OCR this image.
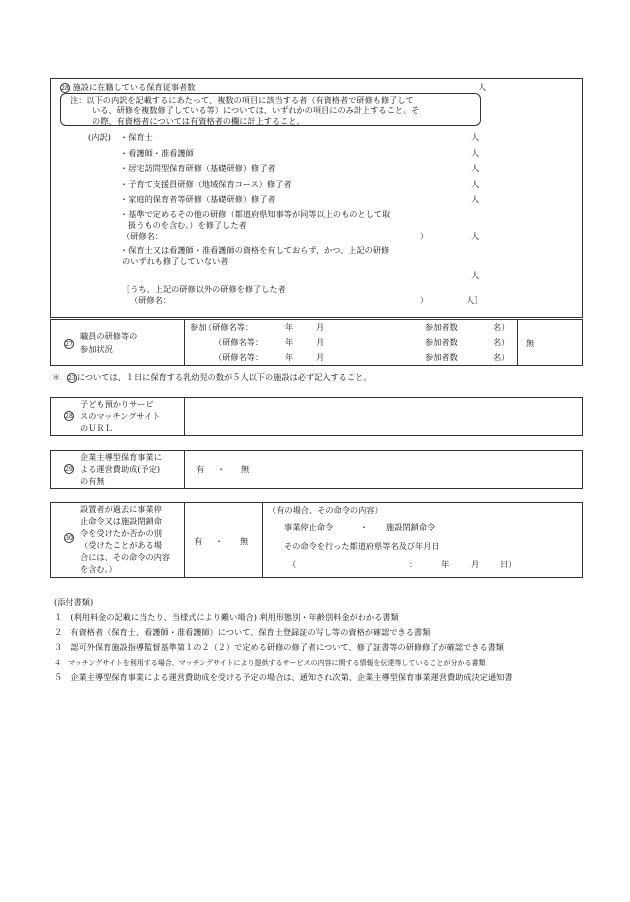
28 施設に在籍している保育従事者数	人
注：以下の内訳を記載するにあたって、複数の項目に該当する者（有資格者で研修も修了して
いる、研修を複数修了している等）については、いずれかの項目にのみ計上すること。そ
の際、有資格者については有資格者の欄に計上すること。
(内訳) ・保育士	人
・看護師・准看護師	人
・居宅訪問型保育研修（基礎研修）修了者	人
・子育て支援員研修（地域保育コース）修了者	人
・家庭的保育者等研修（基礎研修）修了者	人
・基準で定めるその他の研修（都道府県知事等が同等以上のものとして取
扱うものを含む。）を修了した者
（研修名：	）	人
・保育士又は看護師・准看護師の資格を有しておらず、かつ、上記の研修
のいずれも修了していない者
人
［うち、上記の研修以外の研修を修了した者
（研修名：	）	人］
27
職員の研修等の
参加状況
参加
（研修名等：	年	月	参加者数	名）
（研修名等：	年	月	参加者数	名）
（研修名等：	年	月	参加者数	名）
無
＊ 23については、１日に保育する乳幼児の数が５人以下の施設は必ず記入すること。
28
子ども預かりサービ
スのマッチングサイト
のＵＲＬ
29
企業主導型保育事業に
よる運営費助成(予定)
の有無
有 ・ 無
30
設置者が過去に事業停
止命令又は施設閉鎖命
令を受けたか否かの別
（受けたことがある場
合には、その命令の内容
を含む。）
有 ・ 無
（有の場合、その命令の内容）
事業停止命令	・ 施設閉鎖命令
その命令を行った都道府県等名及び年月日
（	：	年	月	日）
(添付書類)
１　(利用料金の記載に当たり、当様式により難い場合) 利用形態別・年齢別料金がわかる書類
２　有資格者（保育士、看護師・准看護師）について、保育士登録証の写し等の資格が確認できる書類
３　認可外保育施設指導監督基準第１の２（２）で定める研修の修了者について、修了証書等の研修修了が確認できる書類
４　マッチングサイトを利用する場合、マッチングサイトにより提供するサービスの内容に関する情報を伝達等していることが分かる書類
５　企業主導型保育事業による運営費助成を受ける予定の場合は、通知され次第、企業主導型保育事業運営費助成決定通知書
